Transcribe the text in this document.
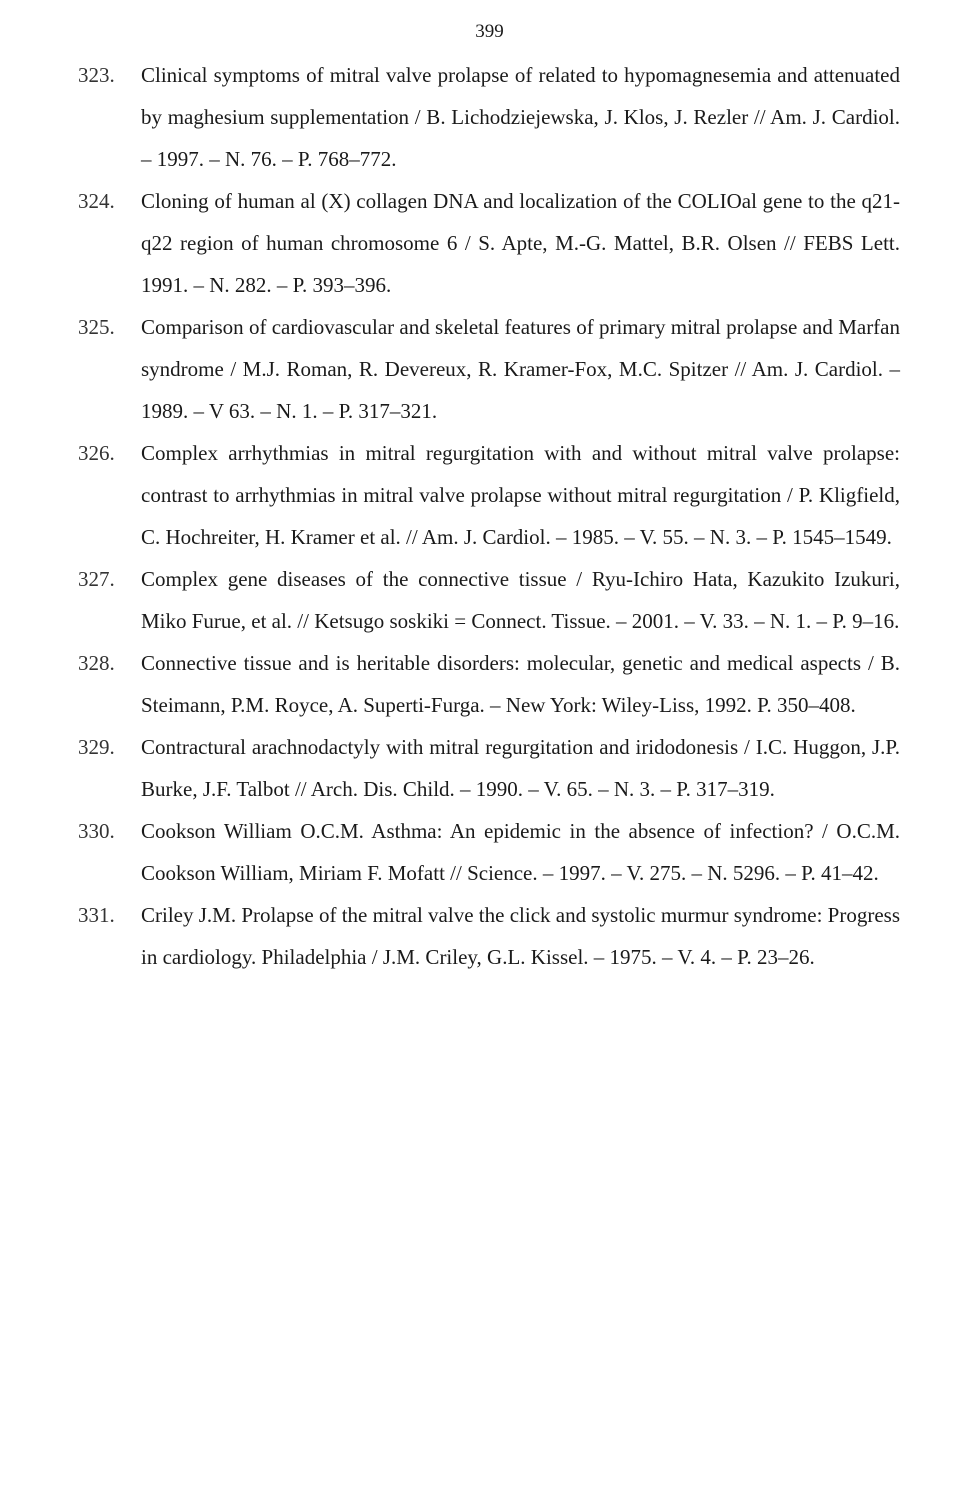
399
323.	Clinical symptoms of mitral valve prolapse of related to hypomagnesemia and attenuated by maghesium supplementation / B. Lichodziejewska, J. Klos, J. Rezler // Am. J. Cardiol. – 1997. – N. 76. – P. 768–772.
324.	Cloning of human al (X) collagen DNA and localization of the COLIOal gene to the q21-q22 region of human chromosome 6 / S. Apte, M.-G. Mattel, B.R. Olsen // FEBS Lett. 1991. – N. 282. – P. 393–396.
325.	Comparison of cardiovascular and skeletal features of primary mitral prolapse and Marfan syndrome / M.J. Roman, R. Devereux, R. Kramer-Fox, M.C. Spitzer // Am. J. Cardiol. – 1989. – V 63. – N. 1. – P. 317–321.
326.	Complex arrhythmias in mitral regurgitation with and without mitral valve prolapse: contrast to arrhythmias in mitral valve prolapse without mitral regurgitation / P. Kligfield, C. Hochreiter, H. Kramer et al. // Am. J. Cardiol. – 1985. – V. 55. – N. 3. – P. 1545–1549.
327.	Complex gene diseases of the connective tissue / Ryu-Ichiro Hata, Kazukito Izukuri, Miko Furue, et al. // Ketsugo soskiki = Connect. Tissue. – 2001. – V. 33. – N. 1. – P. 9–16.
328.	Connective tissue and is heritable disorders: molecular, genetic and medical aspects / B. Steimann, P.M. Royce, A. Superti-Furga. – New York: Wiley-Liss, 1992. P. 350–408.
329.	Contractural arachnodactyly with mitral regurgitation and iridodonesis / I.C. Huggon, J.P. Burke, J.F. Talbot // Arch. Dis. Child. – 1990. – V. 65. – N. 3. – P. 317–319.
330.	Cookson William O.C.M. Asthma: An epidemic in the absence of infection? / O.C.M. Cookson William, Miriam F. Mofatt // Science. – 1997. – V. 275. – N. 5296. – P. 41–42.
331.	Criley J.M. Prolapse of the mitral valve the click and systolic murmur syndrome: Progress in cardiology. Philadelphia / J.M. Criley, G.L. Kissel. – 1975. – V. 4. – P. 23–26.
